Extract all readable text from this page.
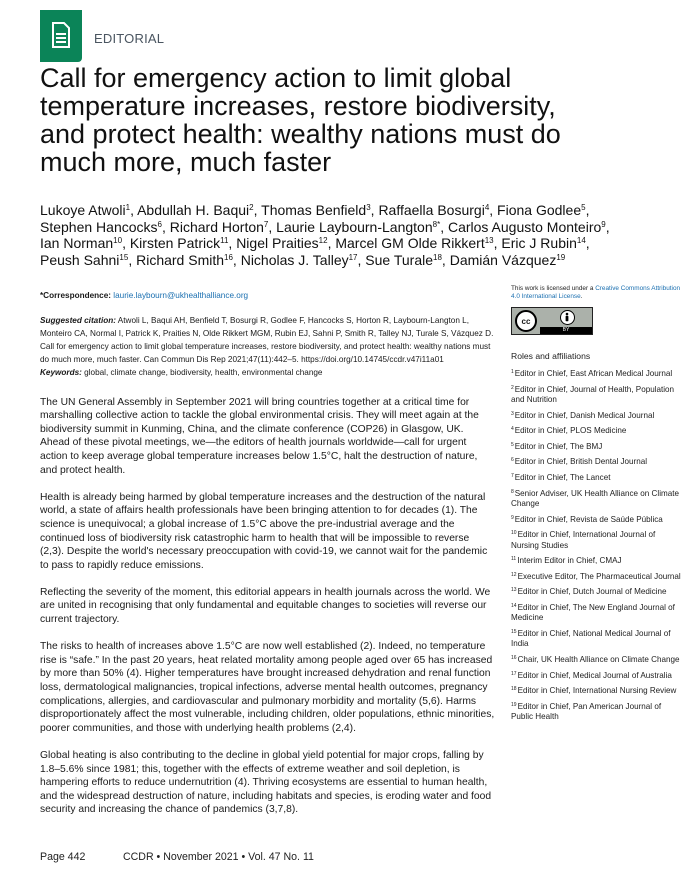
EDITORIAL
Call for emergency action to limit global temperature increases, restore biodiversity, and protect health: wealthy nations must do much more, much faster
Lukoye Atwoli$^1$, Abdullah H. Baqui$^2$, Thomas Benfield$^3$, Raffaella Bosurgi$^4$, Fiona Godlee$^5$,
Stephen Hancocks$^6$, Richard Horton$^7$, Laurie Laybourn-Langton$^{8*}$, Carlos Augusto Monteiro$^9$,
Ian Norman$^{10}$, Kirsten Patrick$^{11}$, Nigel Praities$^{12}$, Marcel GM Olde Rikkert$^{13}$, Eric J Rubin$^{14}$,
Peush Sahni$^{15}$, Richard Smith$^{16}$, Nicholas J. Talley$^{17}$, Sue Turale$^{18}$, Damián Vázquez$^{19}$
*Correspondence: laurie.laybourn@ukhealthalliance.org
Suggested citation: Atwoli L, Baqui AH, Benfield T, Bosurgi R, Godlee F, Hancocks S, Horton R, Laybourn-Langton L, Monteiro CA, Normal I, Patrick K, Praities N, Olde Rikkert MGM, Rubin EJ, Sahni P, Smith R, Talley NJ, Turale S, Vázquez D. Call for emergency action to limit global temperature increases, restore biodiversity, and protect health: wealthy nations must do much more, much faster. Can Commun Dis Rep 2021;47(11):442–5. https://doi.org/10.14745/ccdr.v47i11a01
Keywords: global, climate change, biodiversity, health, environmental change

The UN General Assembly in September 2021 will bring countries together at a critical time for marshalling collective action to tackle the global environmental crisis. They will meet again at the biodiversity summit in Kunming, China, and the climate conference (COP26) in Glasgow, UK. Ahead of these pivotal meetings, we—the editors of health journals worldwide—call for urgent action to keep average global temperature increases below 1.5°C, halt the destruction of nature, and protect health.

Health is already being harmed by global temperature increases and the destruction of the natural world, a state of affairs health professionals have been bringing attention to for decades (1). The science is unequivocal; a global increase of 1.5°C above the pre-industrial average and the continued loss of biodiversity risk catastrophic harm to health that will be impossible to reverse (2,3). Despite the world's necessary preoccupation with covid-19, we cannot wait for the pandemic to pass to rapidly reduce emissions.

Reflecting the severity of the moment, this editorial appears in health journals across the world. We are united in recognising that only fundamental and equitable changes to societies will reverse our current trajectory.

The risks to health of increases above 1.5°C are now well established (2). Indeed, no temperature rise is “safe.” In the past 20 years, heat related mortality among people aged over 65 has increased by more than 50% (4). Higher temperatures have brought increased dehydration and renal function loss, dermatological malignancies, tropical infections, adverse mental health outcomes, pregnancy complications, allergies, and cardiovascular and pulmonary morbidity and mortality (5,6). Harms disproportionately affect the most vulnerable, including children, older populations, ethnic minorities, poorer communities, and those with underlying health problems (2,4).

Global heating is also contributing to the decline in global yield potential for major crops, falling by 1.8–5.6% since 1981; this, together with the effects of extreme weather and soil depletion, is hampering efforts to reduce undernutrition (4). Thriving ecosystems are essential to human health, and the widespread destruction of nature, including habitats and species, is eroding water and food security and increasing the chance of pandemics (3,7,8).

This work is licensed under a Creative Commons Attribution 4.0 International License.
cc
BY
Roles and affiliations
$^1$Editor in Chief, East African Medical Journal
$^2$Editor in Chief, Journal of Health, Population and Nutrition
$^3$Editor in Chief, Danish Medical Journal
$^4$Editor in Chief, PLOS Medicine
$^5$Editor in Chief, The BMJ
$^6$Editor in Chief, British Dental Journal
$^7$Editor in Chief, The Lancet
$^8$Senior Adviser, UK Health Alliance on Climate Change
$^9$Editor in Chief, Revista de Saúde Pública
$^{10}$Editor in Chief, International Journal of Nursing Studies
$^{11}$Interim Editor in Chief, CMAJ
$^{12}$Executive Editor, The Pharmaceutical Journal
$^{13}$Editor in Chief, Dutch Journal of Medicine
$^{14}$Editor in Chief, The New England Journal of Medicine
$^{15}$Editor in Chief, National Medical Journal of India
$^{16}$Chair, UK Health Alliance on Climate Change
$^{17}$Editor in Chief, Medical Journal of Australia
$^{18}$Editor in Chief, International Nursing Review
$^{19}$Editor in Chief, Pan American Journal of Public Health
Page 442	CCDR • November 2021 • Vol. 47 No. 11
